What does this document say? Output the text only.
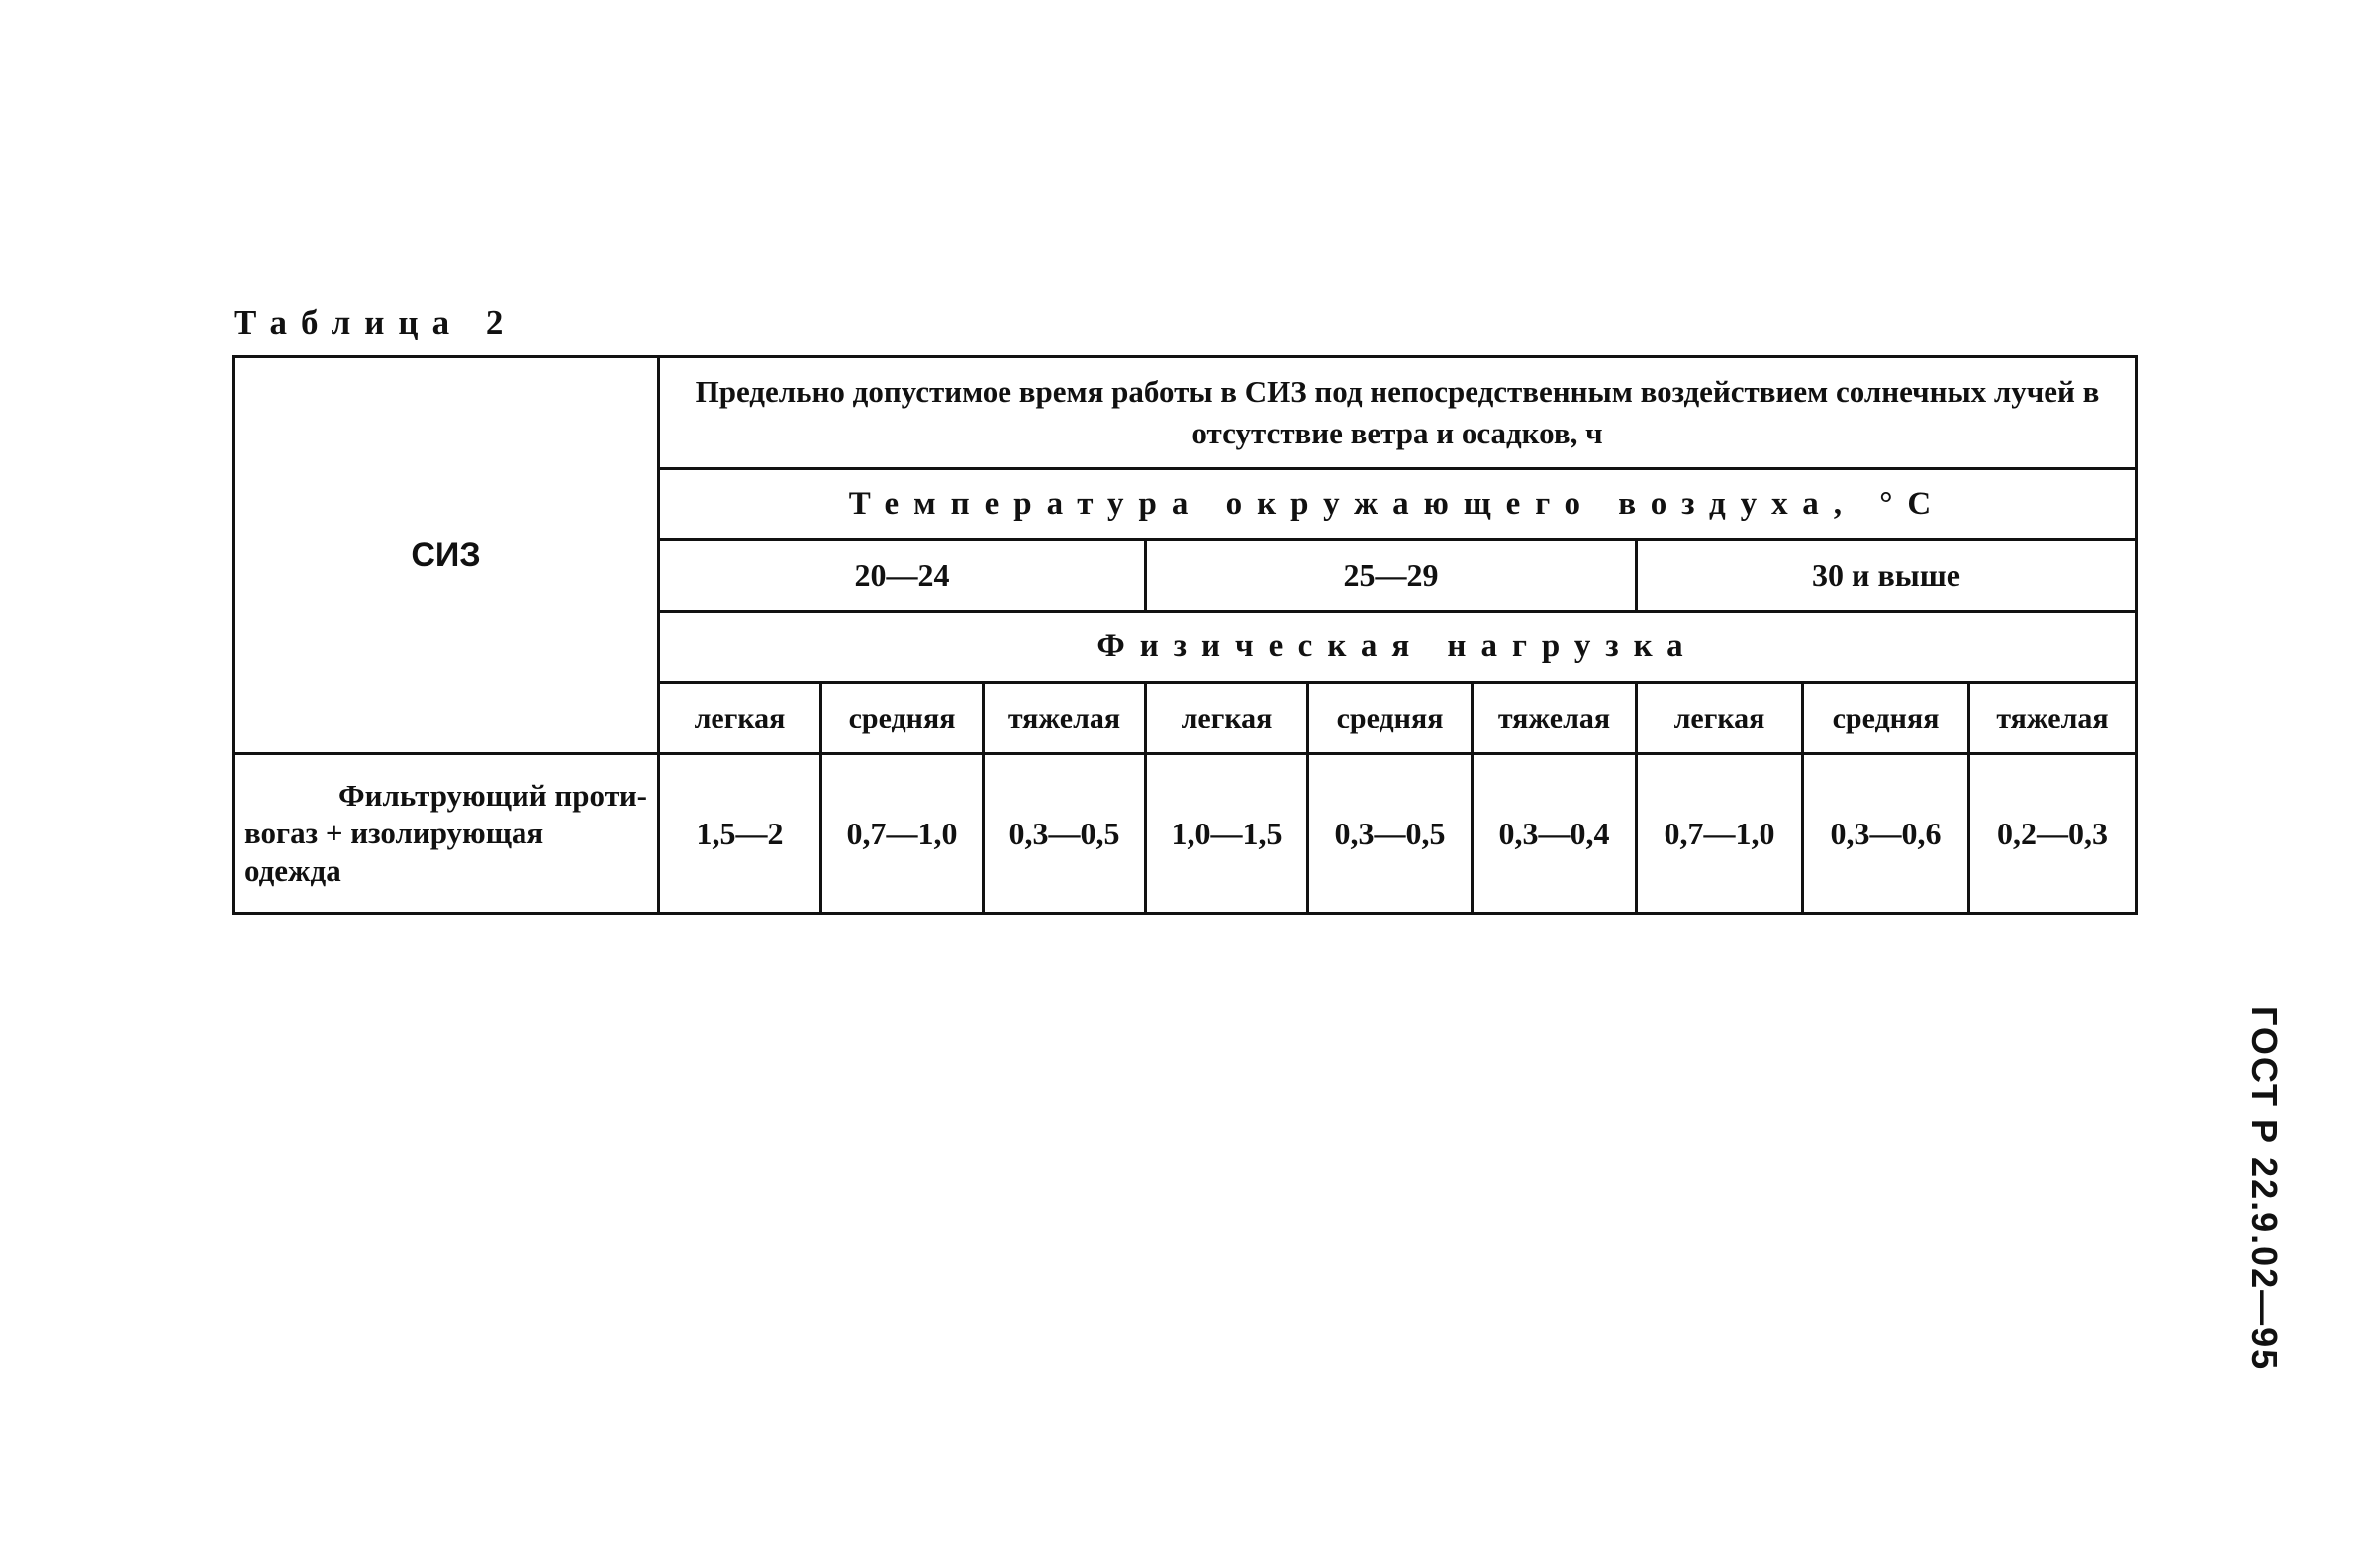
Таблица 2
СИЗ	Предельно допустимое время работы в СИЗ под непосредственным воздействием солнечных лучей в отсутствие ветра и осадков, ч								
	Температура окружающего воздуха, °С								
	20—24			25—29			30 и выше		
	Физическая нагрузка								
	легкая	средняя	тяжелая	легкая	средняя	тяжелая	легкая	средняя	тяжелая

Фильтрующий проти-
вогаз + изолирующая
одежда	1,5—2	0,7—1,0	0,3—0,5	1,0—1,5	0,3—0,5	0,3—0,4	0,7—1,0	0,3—0,6	0,2—0,3
ГОСТ Р 22.9.02—95
